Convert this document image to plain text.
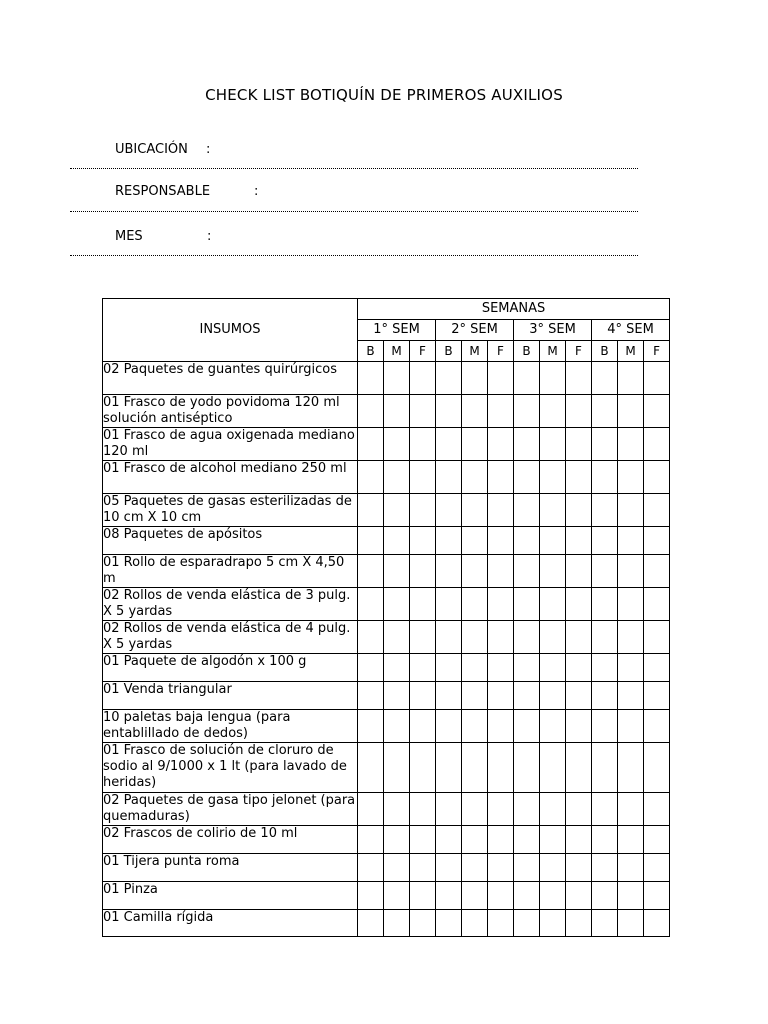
CHECK LIST BOTIQUÍN DE PRIMEROS AUXILIOS
UBICACIÓN :
RESPONSABLE	:
MES	:
INSUMOS	SEMANAS											
	1° SEM			2° SEM			3° SEM			4° SEM		
	B	M	F	B	M	F	B	M	F	B	M	F
02 Paquetes de guantes quirúrgicos												
01 Frasco de yodo povidoma 120 ml solución antiséptico												
01 Frasco de agua oxigenada mediano 120 ml												
01 Frasco de alcohol mediano 250 ml												
05 Paquetes de gasas esterilizadas de 10 cm X 10 cm												
08 Paquetes de apósitos												
01 Rollo de esparadrapo 5 cm X 4,50 m												
02 Rollos de venda elástica de 3 pulg. X 5 yardas												
02 Rollos de venda elástica de 4 pulg. X 5 yardas												
01 Paquete de algodón x 100 g												
01 Venda triangular												
10 paletas baja lengua (para entablillado de dedos)												
01 Frasco de solución de cloruro de sodio al 9/1000 x 1 lt (para lavado de heridas)												
02 Paquetes de gasa tipo jelonet (para quemaduras)												
02 Frascos de colirio de 10 ml												
01 Tijera punta roma												
01 Pinza												
01 Camilla rígida												
